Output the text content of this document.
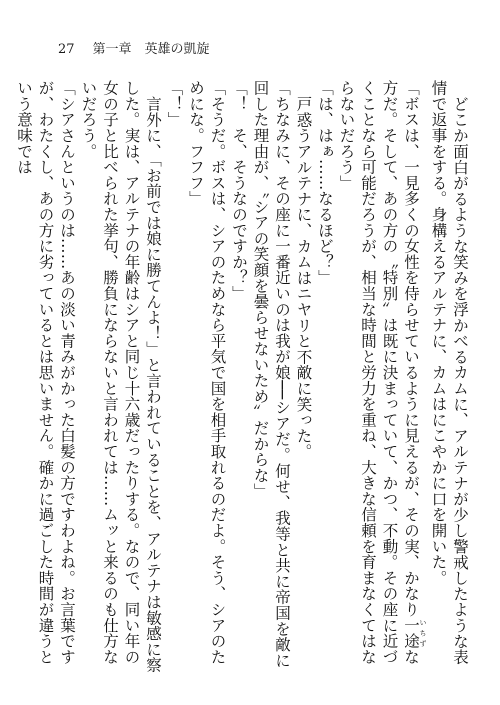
27 第一章　英雄の凱旋

どこか面白がるような笑みを浮かべるカムに、アルテナが少し警戒したような表情で返事をする。身構えるアルテナに、カムはにこやかに口を開いた。

「ボスは、一見多くの女性を侍らせているように見えるが、その実、かなり一途 いちずな方だ。そして、あの方の〝特別〟は既に決まっていて、かつ、不動。その座に近づくことなら可能だろうが、相当な時間と労力を重ね、大きな信頼を育まなくてはならないだろう」

「は、はぁ……なるほど？」

戸惑うアルテナに、カムはニヤリと不敵に笑った。

「ちなみに、その座に一番近いのは我が娘──シアだ。何せ、我等と共に帝国を敵に回した理由が、〝シアの笑顔を曇らせないため〟だからな」

「！　そ、そうなのですか？」

「そうだ。ボスは、シアのためなら平気で国を相手取れるのだよ。そう、シアのためにな。フフフ」

「！」

言外に、「お前では娘に勝てんよ！」と言われていることを、アルテナは敏感に察した。実は、アルテナの年齢はシアと同じ十六歳だったりする。なので、同い年の女の子と比べられた挙句、勝負にならないと言われては……ムッと来るのも仕方ないだろう。

「シアさんというのは……あの淡い青みがかった白髪の方ですわよね。お言葉ですが、わたくし、あの方に劣っているとは思いません。確かに過ごした時間が違うという意味では
